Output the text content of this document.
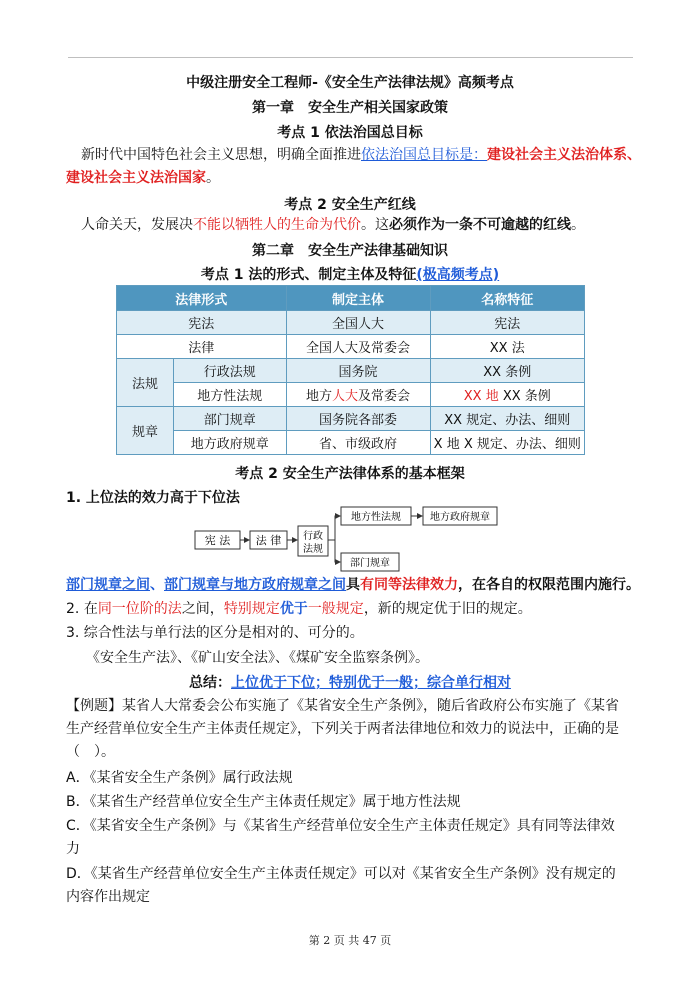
中级注册安全工程师-《安全生产法律法规》高频考点
第一章　安全生产相关国家政策
考点 1 依法治国总目标
新时代中国特色社会主义思想，明确全面推进依法治国总目标是：建设社会主义法治体系、
建设社会主义法治国家。
考点 2 安全生产红线
人命关天，发展决不能以牺牲人的生命为代价。这必须作为一条不可逾越的红线。
第二章　安全生产法律基础知识
考点 1 法的形式、制定主体及特征(极高频考点)
法律形式		制定主体	名称特征
宪法		全国人大	宪法
法律		全国人大及常委会	XX 法
法规	行政法规	国务院	XX 条例
	地方性法规	地方人大及常委会	XX 地 XX 条例
规章	部门规章	国务院各部委	XX 规定、办法、细则
	地方政府规章	省、市级政府	X 地 X 规定、办法、细则
考点 2 安全生产法律体系的基本框架
1. 上位法的效力高于下位法
宪 法 法 律 行政
法规
地方性法规	地方政府规章
部门规章
部门规章之间、部门规章与地方政府规章之间具有同等法律效力，在各自的权限范围内施行。
2. 在同一位阶的法之间，特别规定优于一般规定，新的规定优于旧的规定。
3. 综合性法与单行法的区分是相对的、可分的。
《安全生产法》、《矿山安全法》、《煤矿安全监察条例》。
总结：上位优于下位；特别优于一般；综合单行相对
【例题】某省人大常委会公布实施了《某省安全生产条例》，随后省政府公布实施了《某省
生产经营单位安全生产主体责任规定》，下列关于两者法律地位和效力的说法中，正确的是
（　）。
A．《某省安全生产条例》属行政法规
B．《某省生产经营单位安全生产主体责任规定》属于地方性法规
C．《某省安全生产条例》与《某省生产经营单位安全生产主体责任规定》具有同等法律效
力
D．《某省生产经营单位安全生产主体责任规定》可以对《某省安全生产条例》没有规定的
内容作出规定
第 2 页 共 47 页
